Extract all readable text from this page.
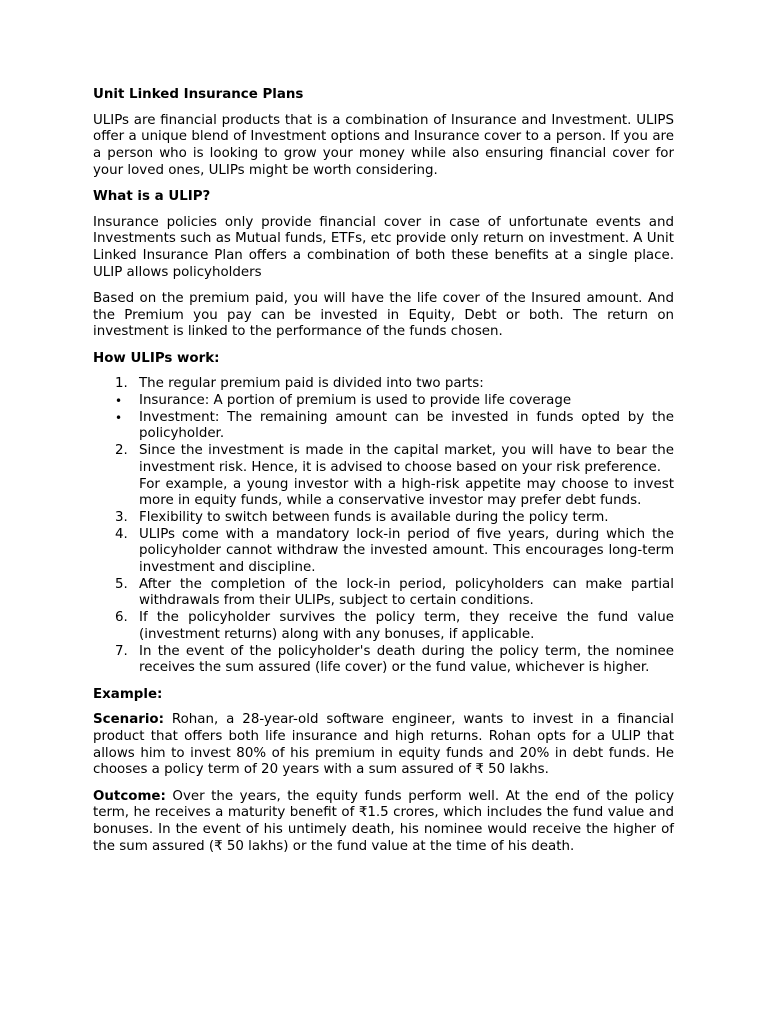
Unit Linked Insurance Plans

ULIPs are financial products that is a combination of Insurance and Investment. ULIPS offer a unique blend of Investment options and Insurance cover to a person. If you are a person who is looking to grow your money while also ensuring financial cover for your loved ones, ULIPs might be worth considering.

What is a ULIP?

Insurance policies only provide financial cover in case of unfortunate events and Investments such as Mutual funds, ETFs, etc provide only return on investment. A Unit Linked Insurance Plan offers a combination of both these benefits at a single place. ULIP allows policyholders

Based on the premium paid, you will have the life cover of the Insured amount. And the Premium you pay can be invested in Equity, Debt or both. The return on investment is linked to the performance of the funds chosen.

How ULIPs work:
1. The regular premium paid is divided into two parts:
• Insurance: A portion of premium is used to provide life coverage
• Investment: The remaining amount can be invested in funds opted by the policyholder.
2. Since the investment is made in the capital market, you will have to bear the investment risk. Hence, it is advised to choose based on your risk preference.
For example, a young investor with a high-risk appetite may choose to invest more in equity funds, while a conservative investor may prefer debt funds.
3. Flexibility to switch between funds is available during the policy term.
4. ULIPs come with a mandatory lock-in period of five years, during which the policyholder cannot withdraw the invested amount. This encourages long-term investment and discipline.
5. After the completion of the lock-in period, policyholders can make partial withdrawals from their ULIPs, subject to certain conditions.
6. If the policyholder survives the policy term, they receive the fund value (investment returns) along with any bonuses, if applicable.
7. In the event of the policyholder's death during the policy term, the nominee receives the sum assured (life cover) or the fund value, whichever is higher.
Example:

Scenario: Rohan, a 28-year-old software engineer, wants to invest in a financial product that offers both life insurance and high returns. Rohan opts for a ULIP that allows him to invest 80% of his premium in equity funds and 20% in debt funds. He chooses a policy term of 20 years with a sum assured of ₹ 50 lakhs.

Outcome: Over the years, the equity funds perform well. At the end of the policy term, he receives a maturity benefit of ₹1.5 crores, which includes the fund value and bonuses. In the event of his untimely death, his nominee would receive the higher of the sum assured (₹ 50 lakhs) or the fund value at the time of his death.
